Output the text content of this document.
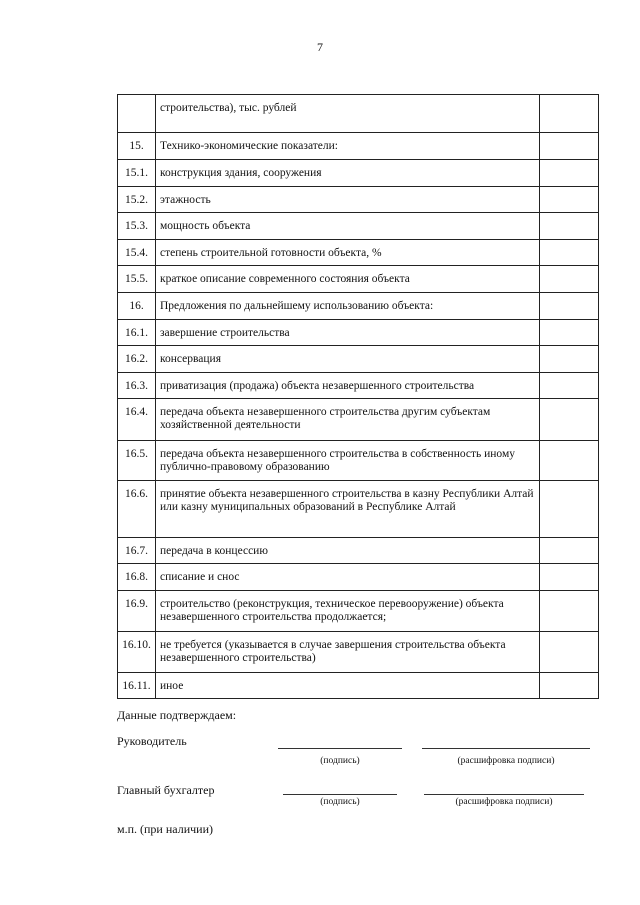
7
	строительства), тыс. рублей	
15.	Технико-экономические показатели:	
15.1.	конструкция здания, сооружения	
15.2.	этажность	
15.3.	мощность объекта	
15.4.	степень строительной готовности объекта, %	
15.5.	краткое описание современного состояния объекта	
16.	Предложения по дальнейшему использованию объекта:	
16.1.	завершение строительства	
16.2.	консервация	
16.3.	приватизация (продажа) объекта незавершенного строительства	
16.4.	передача объекта незавершенного строительства другим субъектам хозяйственной деятельности	
16.5.	передача объекта незавершенного строительства в собственность иному публично-правовому образованию	
16.6.	принятие объекта незавершенного строительства в казну Республики Алтай или казну муниципальных образований в Республике Алтай	
16.7.	передача в концессию	
16.8.	списание и снос	
16.9.	строительство (реконструкция, техническое перевооружение) объекта незавершенного строительства продолжается;	
16.10.	не требуется (указывается в случае завершения строительства объекта незавершенного строительства)	
16.11.	иное	
Данные подтверждаем:
Руководитель
(подпись)	(расшифровка подписи)
Главный бухгалтер
(подпись)	(расшифровка подписи)
м.п. (при наличии)
